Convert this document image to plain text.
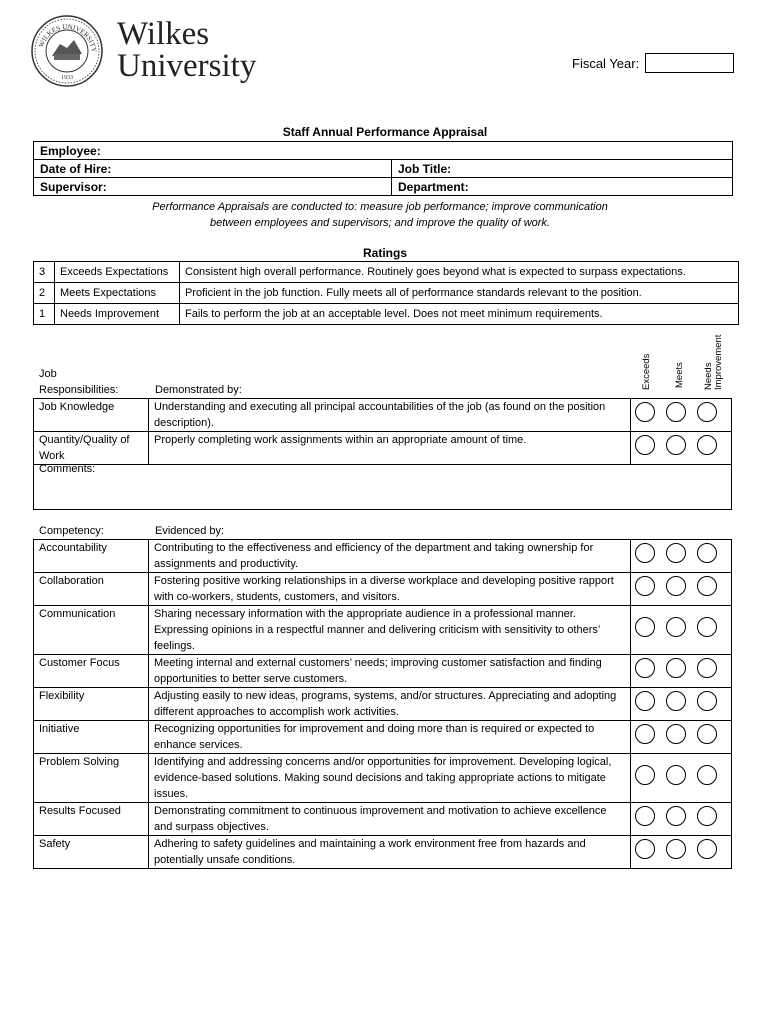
WILKES UNIVERSITY
1933
Wilkes
University	Fiscal Year:
Staff Annual Performance Appraisal
Employee:	
Date of Hire:	Job Title:
Supervisor:	Department:
Performance Appraisals are conducted to: measure job performance; improve communication
between employees and supervisors; and improve the quality of work.
Ratings
3	Exceeds Expectations	Consistent high overall performance. Routinely goes beyond what is expected to surpass expectations.
2	Meets Expectations	Proficient in the job function. Fully meets all of performance standards relevant to the position.
1	Needs Improvement	Fails to perform the job at an acceptable level. Does not meet minimum requirements.
Exceeds Meets Needs Improvement
Job
Responsibilities:	Demonstrated by:
Job Knowledge	Understanding and executing all principal accountabilities of the job (as found on the position description).	
Quantity/Quality of Work	Properly completing work assignments within an appropriate amount of time.	
Comments:
Competency:	Evidenced by:
Accountability	Contributing to the effectiveness and efficiency of the department and taking ownership for assignments and productivity.	
Collaboration	Fostering positive working relationships in a diverse workplace and developing positive rapport with co-workers, students, customers, and visitors.	
Communication	Sharing necessary information with the appropriate audience in a professional manner. Expressing opinions in a respectful manner and delivering criticism with sensitivity to others’ feelings.	
Customer Focus	Meeting internal and external customers’ needs; improving customer satisfaction and finding opportunities to better serve customers.	
Flexibility	Adjusting easily to new ideas, programs, systems, and/or structures. Appreciating and adopting different approaches to accomplish work activities.	
Initiative	Recognizing opportunities for improvement and doing more than is required or expected to enhance services.	
Problem Solving	Identifying and addressing concerns and/or opportunities for improvement. Developing logical, evidence-based solutions. Making sound decisions and taking appropriate actions to mitigate issues.	
Results Focused	Demonstrating commitment to continuous improvement and motivation to achieve excellence and surpass objectives.	
Safety	Adhering to safety guidelines and maintaining a work environment free from hazards and potentially unsafe conditions.	
